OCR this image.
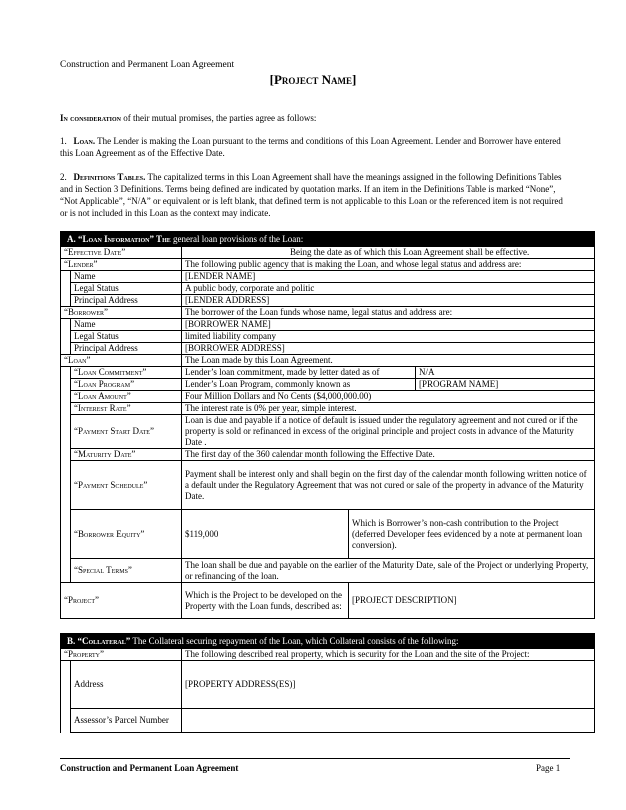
Construction and Permanent Loan Agreement
[Project Name]

In consideration of their mutual promises, the parties agree as follows:

1. Loan. The Lender is making the Loan pursuant to the terms and conditions of this Loan Agreement. Lender and Borrower have entered this Loan Agreement as of the Effective Date.

2. Definitions Tables. The capitalized terms in this Loan Agreement shall have the meanings assigned in the following Definitions Tables and in Section 3 Definitions. Terms being defined are indicated by quotation marks. If an item in the Definitions Table is marked “None”, “Not Applicable”, “N/A” or equivalent or is left blank, that defined term is not applicable to this Loan or the referenced item is not required or is not included in this Loan as the context may indicate.

A. “Loan Information” The general loan provisions of the Loan:				
“Effective Date”		Being the date as of which this Loan Agreement shall be effective.		
“Lender”		The following public agency that is making the Loan, and whose legal status and address are:		
	Name	[LENDER NAME]		
	Legal Status	A public body, corporate and politic		
	Principal Address	[LENDER ADDRESS]		
“Borrower”		The borrower of the Loan funds whose name, legal status and address are:		
	Name	[BORROWER NAME]		
	Legal Status	limited liability company		
	Principal Address	[BORROWER ADDRESS]		
“Loan”		The Loan made by this Loan Agreement.		
	“Loan Commitment”	Lender’s loan commitment, made by letter dated as of		N/A
	“Loan Program”	Lender’s Loan Program, commonly known as		[PROGRAM NAME]
	“Loan Amount”	Four Million Dollars and No Cents ($4,000,000.00)		
	“Interest Rate”	The interest rate is 0% per year, simple interest.		
	“Payment Start Date”	Loan is due and payable if a notice of default is issued under the regulatory agreement and not cured or if the property is sold or refinanced in excess of the original principle and project costs in advance of the Maturity Date .		
	“Maturity Date”	The first day of the 360 calendar month following the Effective Date.		
	“Payment Schedule”	Payment shall be interest only and shall begin on the first day of the calendar month following written notice of a default under the Regulatory Agreement that was not cured or sale of the property in advance of the Maturity Date.		
	“Borrower Equity”	$119,000	Which is Borrower’s non-cash contribution to the Project (deferred Developer fees evidenced by a note at permanent loan conversion).	
	“Special Terms”	The loan shall be due and payable on the earlier of the Maturity Date, sale of the Project or underlying Property, or refinancing of the loan.		
“Project”		Which is the Project to be developed on the Property with the Loan funds, described as:	[PROJECT DESCRIPTION]	
B. “Collateral” The Collateral securing repayment of the Loan, which Collateral consists of the following:		
“Property”		The following described real property, which is security for the Loan and the site of the Project:
	Address	[PROPERTY ADDRESS(ES)]
	Assessor’s Parcel Number	
Construction and Permanent Loan Agreement	Page 1
